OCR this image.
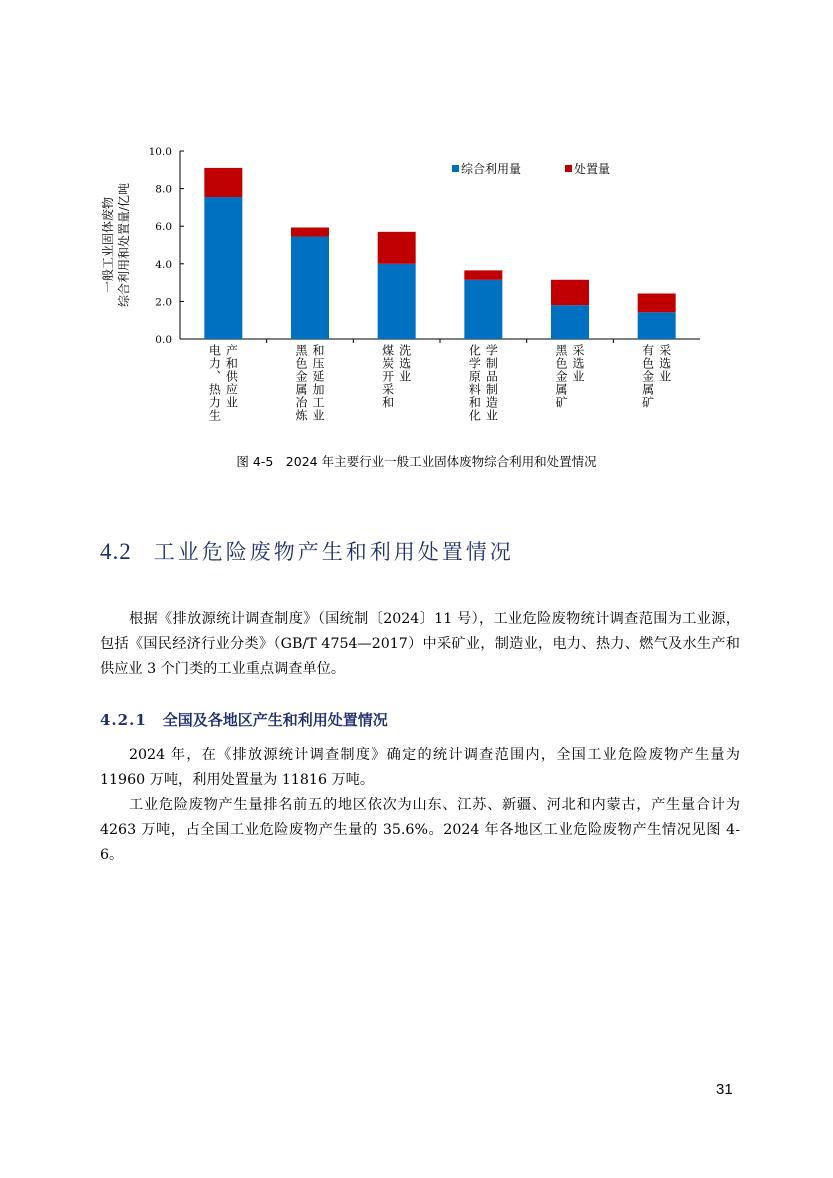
0.0
2.0
4.0
6.0
8.0
10.0
产和供应业
电力、热力生	和压延加工业
黑色金属冶炼	洗选业
煤炭开采和	学制品制造业
化学原料和化	采选业
黑色金属矿	采选业
有色金属矿
一般工业固体废物 综合利用和处置量/亿吨
综合利用量	处置量
图 4-5　2024 年主要行业一般工业固体废物综合利用和处置情况
4.2 工业危险废物产生和利用处置情况

根据《排放源统计调查制度》（国统制〔2024〕11 号），工业危险废物统计调查范围为工业源，包括《国民经济行业分类》（GB/T 4754—2017）中采矿业，制造业，电力、热力、燃气及水生产和供应业 3 个门类的工业重点调查单位。

4.2.1 全国及各地区产生和利用处置情况

2024 年，在《排放源统计调查制度》确定的统计调查范围内，全国工业危险废物产生量为 11960 万吨，利用处置量为 11816 万吨。

工业危险废物产生量排名前五的地区依次为山东、江苏、新疆、河北和内蒙古，产生量合计为 4263 万吨，占全国工业危险废物产生量的 35.6%。2024 年各地区工业危险废物产生情况见图 4-6。

31
